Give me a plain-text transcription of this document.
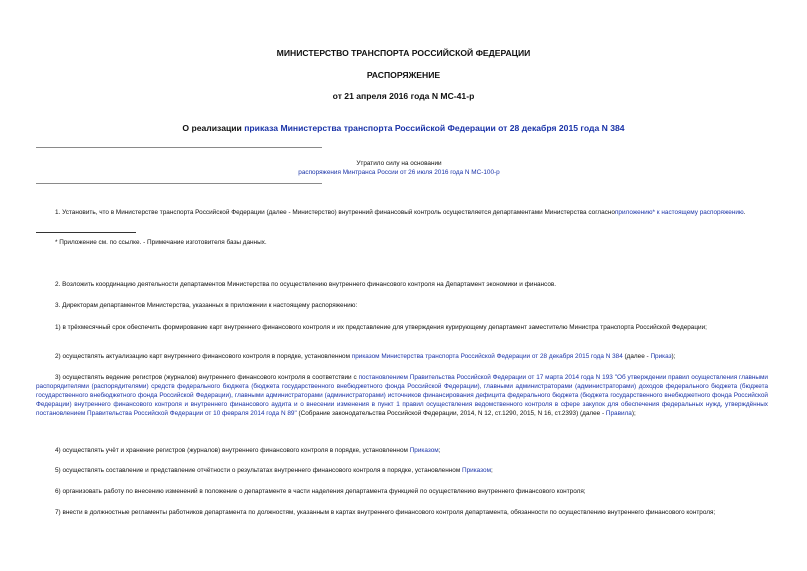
МИНИСТЕРСТВО ТРАНСПОРТА РОССИЙСКОЙ ФЕДЕРАЦИИ
РАСПОРЯЖЕНИЕ
от 21 апреля 2016 года N МС-41-р
О реализации приказа Министерства транспорта Российской Федерации от 28 декабря 2015 года N 384
Утратило силу на основании
распоряжения Минтранса России от 26 июля 2016 года N МС-100-р

1. Установить, что в Министерстве транспорта Российской Федерации (далее - Министерство) внутренний финансовый контроль осуществляется департаментами Министерства согласноприложению* к настоящему распоряжению.

* Приложение см. по ссылке. - Примечание изготовителя базы данных.

2. Возложить координацию деятельности департаментов Министерства по осуществлению внутреннего финансового контроля на Департамент экономики и финансов.

3. Директорам департаментов Министерства, указанных в приложении к настоящему распоряжению:

1) в трёхмесячный срок обеспечить формирование карт внутреннего финансового контроля и их представление для утверждения курирующему департамент заместителю Министра транспорта Российской Федерации;

2) осуществлять актуализацию карт внутреннего финансового контроля в порядке, установленном приказом Министерства транспорта Российской Федерации от 28 декабря 2015 года N 384 (далее - Приказ);

3) осуществлять ведение регистров (журналов) внутреннего финансового контроля в соответствии с постановлением Правительства Российской Федерации от 17 марта 2014 года N 193 "Об утверждении правил осуществления главными распорядителями (распорядителями) средств федерального бюджета (бюджета государственного внебюджетного фонда Российской Федерации), главными администраторами (администраторами) доходов федерального бюджета (бюджета государственного внебюджетного фонда Российской Федерации), главными администраторами (администраторами) источников финансирования дефицита федерального бюджета (бюджета государственного внебюджетного фонда Российской Федерации) внутреннего финансового контроля и внутреннего финансового аудита и о внесении изменения в пункт 1 правил осуществления ведомственного контроля в сфере закупок для обеспечения федеральных нужд, утверждённых постановлением Правительства Российской Федерации от 10 февраля 2014 года N 89" (Собрание законодательства Российской Федерации, 2014, N 12, ст.1290, 2015, N 16, ст.2393) (далее - Правила);

4) осуществлять учёт и хранение регистров (журналов) внутреннего финансового контроля в порядке, установленном Приказом;

5) осуществлять составление и представление отчётности о результатах внутреннего финансового контроля в порядке, установленном Приказом;

6) организовать работу по внесению изменений в положение о департаменте в части наделения департамента функцией по осуществлению внутреннего финансового контроля;

7) внести в должностные регламенты работников департамента по должностям, указанным в картах внутреннего финансового контроля департамента, обязанности по осуществлению внутреннего финансового контроля;
